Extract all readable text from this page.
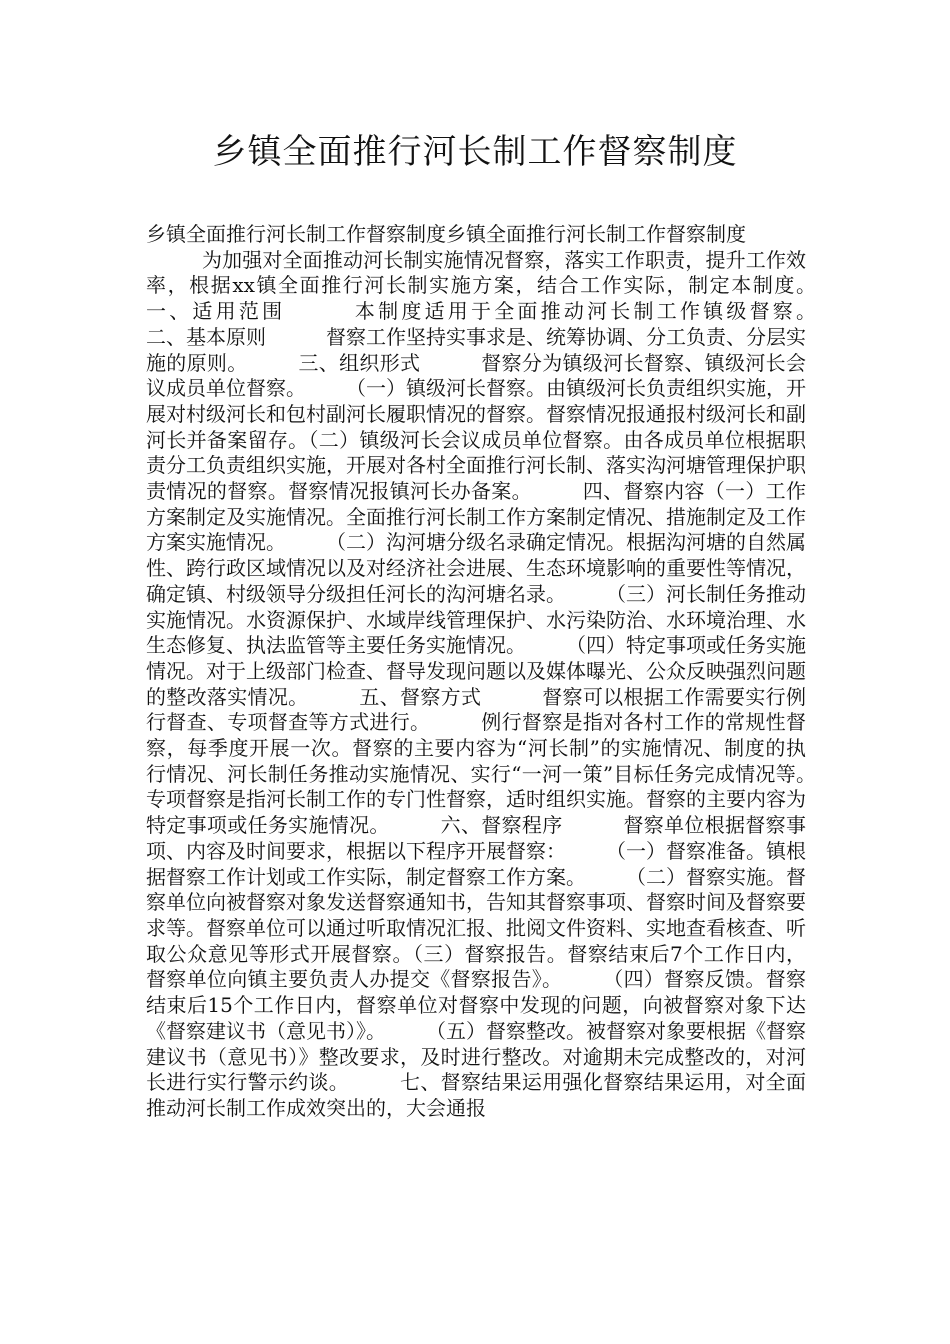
乡镇全面推行河长制工作督察制度

乡镇全面推行河长制工作督察制度乡镇全面推行河长制工作督察制度

为加强对全面推动河长制实施情况督察，落实工作职责，提升工作效率，根据xx镇全面推行河长制实施方案，结合工作实际，制定本制度。　　　一、适用范围　　　本制度适用于全面推动河长制工作镇级督察。　　　二、基本原则　　　督察工作坚持实事求是、统筹协调、分工负责、分层实施的原则。　　　三、组织形式　　　督察分为镇级河长督察、镇级河长会议成员单位督察。　　　（一）镇级河长督察。由镇级河长负责组织实施，开展对村级河长和包村副河长履职情况的督察。督察情况报通报村级河长和副河长并备案留存。（二）镇级河长会议成员单位督察。由各成员单位根据职责分工负责组织实施，开展对各村全面推行河长制、落实沟河塘管理保护职责情况的督察。督察情况报镇河长办备案。　　　四、督察内容（一）工作方案制定及实施情况。全面推行河长制工作方案制定情况、措施制定及工作方案实施情况。　　　（二）沟河塘分级名录确定情况。根据沟河塘的自然属性、跨行政区域情况以及对经济社会进展、生态环境影响的重要性等情况，确定镇、村级领导分级担任河长的沟河塘名录。　　　（三）河长制任务推动实施情况。水资源保护、水域岸线管理保护、水污染防治、水环境治理、水生态修复、执法监管等主要任务实施情况。　　　（四）特定事项或任务实施情况。对于上级部门检查、督导发现问题以及媒体曝光、公众反映强烈问题的整改落实情况。　　　五、督察方式　　　督察可以根据工作需要实行例行督查、专项督查等方式进行。　　　例行督察是指对各村工作的常规性督察，每季度开展一次。督察的主要内容为“河长制”的实施情况、制度的执行情况、河长制任务推动实施情况、实行“一河一策”目标任务完成情况等。　　　专项督察是指河长制工作的专门性督察，适时组织实施。督察的主要内容为特定事项或任务实施情况。　　　六、督察程序　　　督察单位根据督察事项、内容及时间要求，根据以下程序开展督察：　　　（一）督察准备。镇根据督察工作计划或工作实际，制定督察工作方案。　　　（二）督察实施。督察单位向被督察对象发送督察通知书，告知其督察事项、督察时间及督察要求等。督察单位可以通过听取情况汇报、批阅文件资料、实地查看核查、听取公众意见等形式开展督察。（三）督察报告。督察结束后7个工作日内，督察单位向镇主要负责人办提交《督察报告》。　　　（四）督察反馈。督察结束后15个工作日内，督察单位对督察中发现的问题，向被督察对象下达《督察建议书（意见书）》。　　　（五）督察整改。被督察对象要根据《督察建议书（意见书）》整改要求，及时进行整改。对逾期未完成整改的，对河长进行实行警示约谈。　　　七、督察结果运用强化督察结果运用，对全面推动河长制工作成效突出的，大会通报
